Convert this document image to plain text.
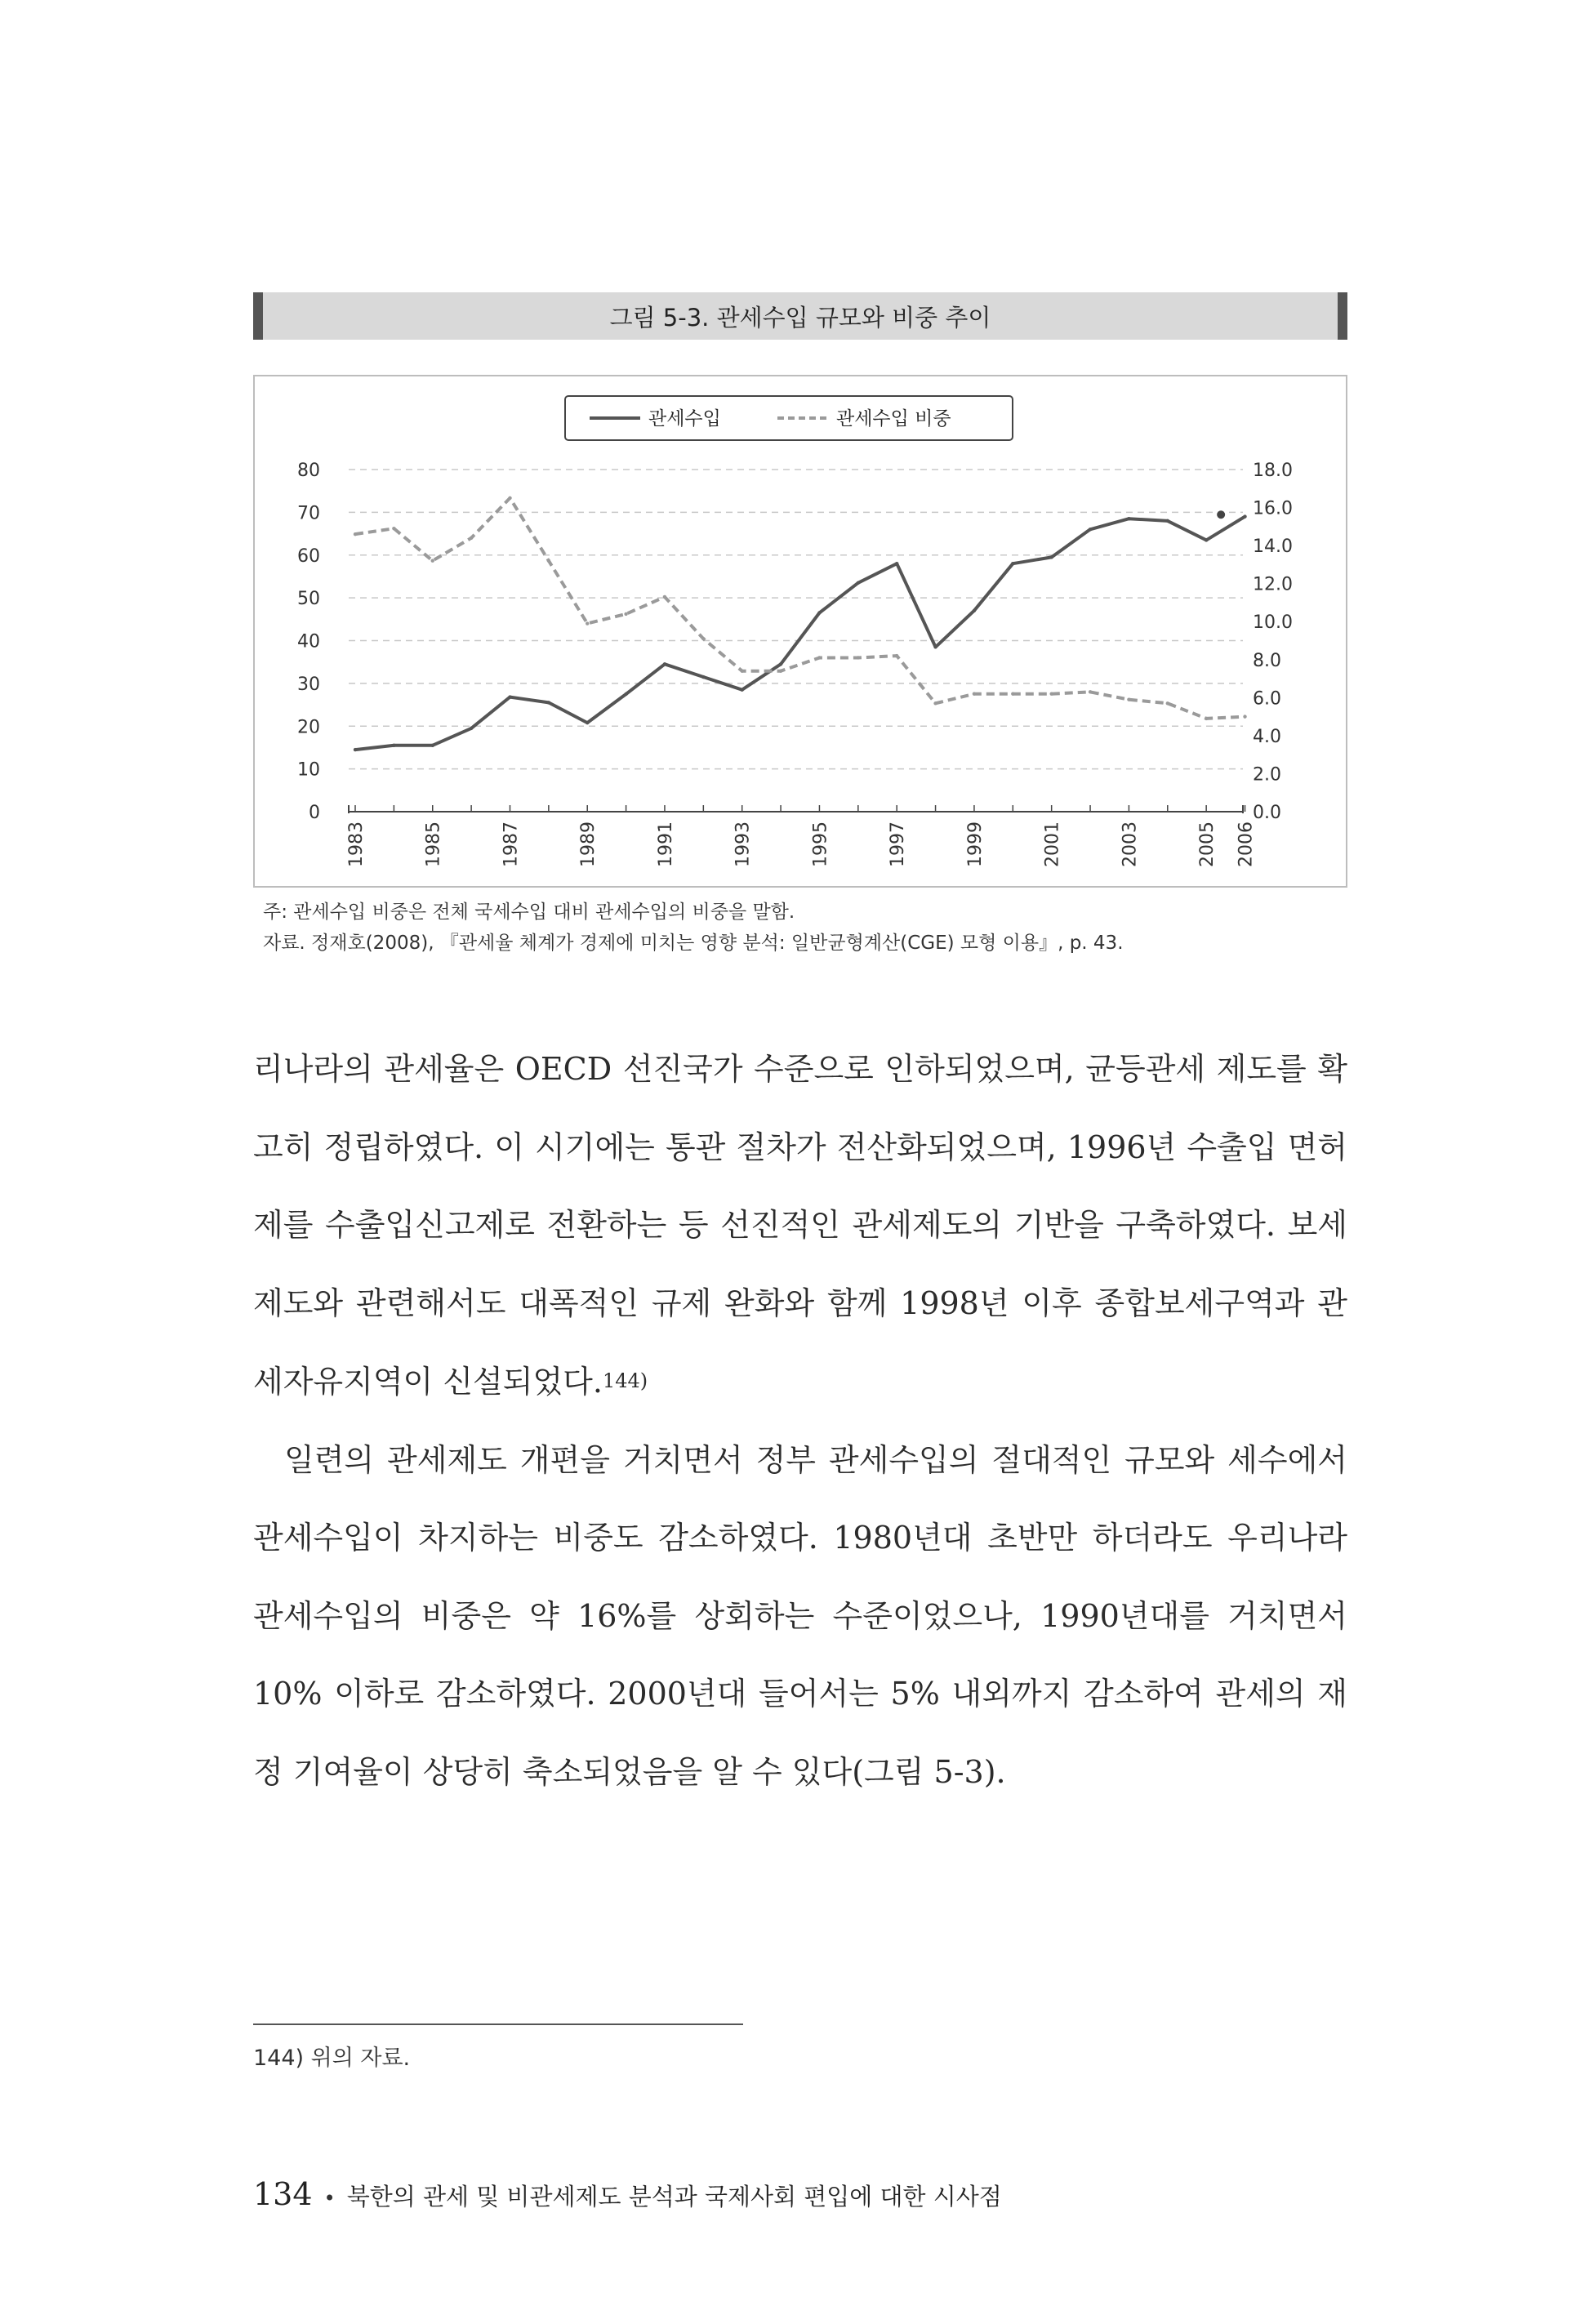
그림 5-3. 관세수입 규모와 비중 추이
0
10
20
30
40
50
60
70
80
0.0
2.0
4.0
6.0
8.0
10.0
12.0
14.0
16.0
18.0
1983	1985	1987	1989	1991	1993	1995	1997	1999	2001	2003	2005 2006
관세수입	관세수입 비중
주: 관세수입 비중은 전체 국세수입 대비 관세수입의 비중을 말함.
자료. 정재호(2008), 『관세율 체계가 경제에 미치는 영향 분석: 일반균형계산(CGE) 모형 이용』, p. 43.

리나라의 관세율은 OECD 선진국가 수준으로 인하되었으며, 균등관세 제도를 확고히 정립하였다. 이 시기에는 통관 절차가 전산화되었으며, 1996년 수출입 면허제를 수출입신고제로 전환하는 등 선진적인 관세제도의 기반을 구축하였다. 보세제도와 관련해서도 대폭적인 규제 완화와 함께 1998년 이후 종합보세구역과 관세자유지역이 신설되었다.144)

일련의 관세제도 개편을 거치면서 정부 관세수입의 절대적인 규모와 세수에서 관세수입이 차지하는 비중도 감소하였다. 1980년대 초반만 하더라도 우리나라 관세수입의 비중은 약 16%를 상회하는 수준이었으나, 1990년대를 거치면서 10% 이하로 감소하였다. 2000년대 들어서는 5% 내외까지 감소하여 관세의 재정 기여율이 상당히 축소되었음을 알 수 있다(그림 5-3).

144) 위의 자료.
134 • 북한의 관세 및 비관세제도 분석과 국제사회 편입에 대한 시사점
